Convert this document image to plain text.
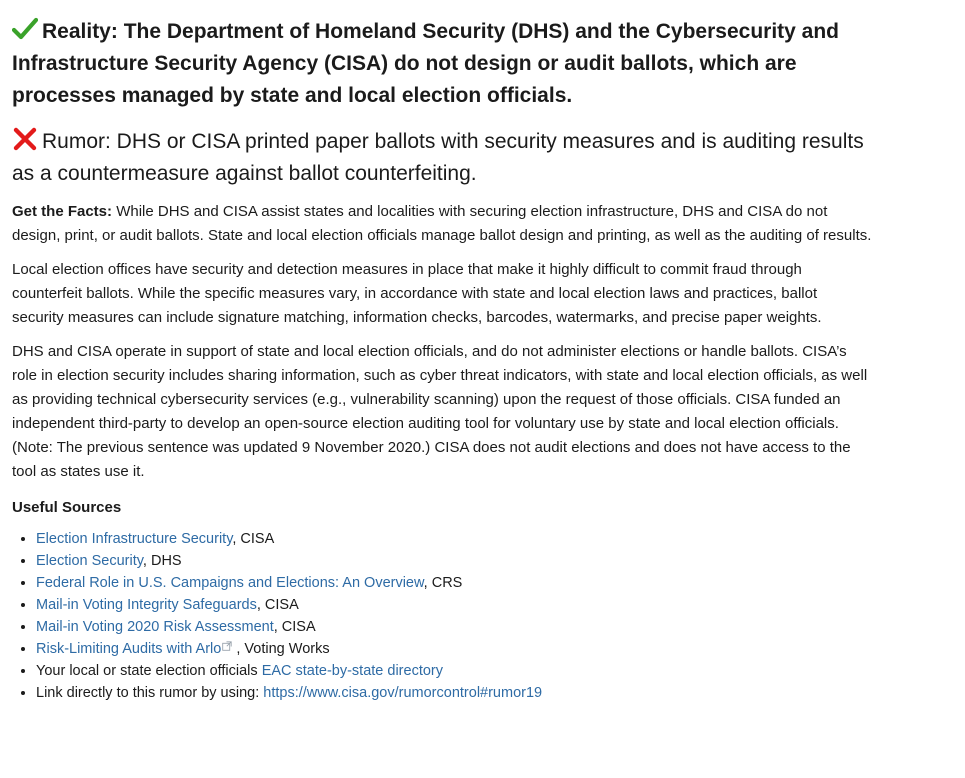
Reality: The Department of Homeland Security (DHS) and the Cybersecurity and Infrastructure Security Agency (CISA) do not design or audit ballots, which are processes managed by state and local election officials.

Rumor: DHS or CISA printed paper ballots with security measures and is auditing results as a countermeasure against ballot counterfeiting.

Get the Facts: While DHS and CISA assist states and localities with securing election infrastructure, DHS and CISA do not design, print, or audit ballots. State and local election officials manage ballot design and printing, as well as the auditing of results.

Local election offices have security and detection measures in place that make it highly difficult to commit fraud through counterfeit ballots. While the specific measures vary, in accordance with state and local election laws and practices, ballot security measures can include signature matching, information checks, barcodes, watermarks, and precise paper weights.

DHS and CISA operate in support of state and local election officials, and do not administer elections or handle ballots. CISA’s role in election security includes sharing information, such as cyber threat indicators, with state and local election officials, as well as providing technical cybersecurity services (e.g., vulnerability scanning) upon the request of those officials. CISA funded an independent third-party to develop an open-source election auditing tool for voluntary use by state and local election officials. (Note: The previous sentence was updated 9 November 2020.) CISA does not audit elections and does not have access to the tool as states use it.

Useful Sources

• Election Infrastructure Security, CISA
• Election Security, DHS
• Federal Role in U.S. Campaigns and Elections: An Overview, CRS
• Mail-in Voting Integrity Safeguards, CISA
• Mail-in Voting 2020 Risk Assessment, CISA
• Risk-Limiting Audits with Arlo , Voting Works
• Your local or state election officials EAC state-by-state directory
• Link directly to this rumor by using: https://www.cisa.gov/rumorcontrol#rumor19
